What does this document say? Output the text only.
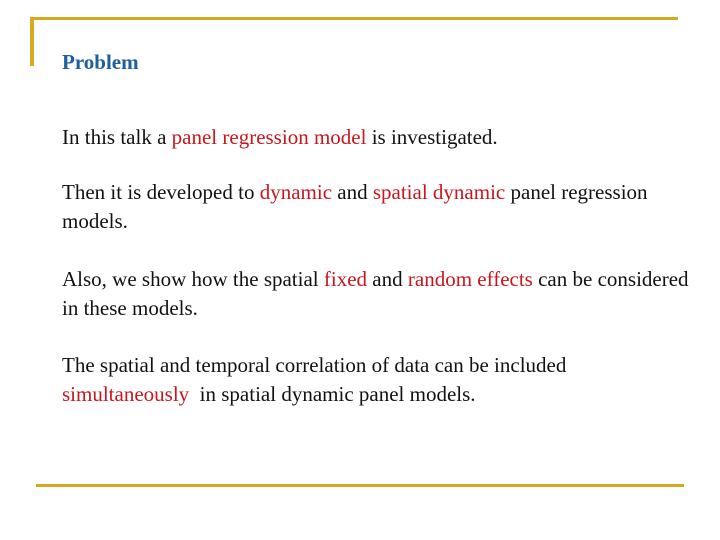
Problem

In this talk a panel regression model is investigated.

Then it is developed to dynamic and spatial dynamic panel regression models.

Also, we show how the spatial fixed and random effects can be considered in these models.

The spatial and temporal correlation of data can be included simultaneously  in spatial dynamic panel models.
